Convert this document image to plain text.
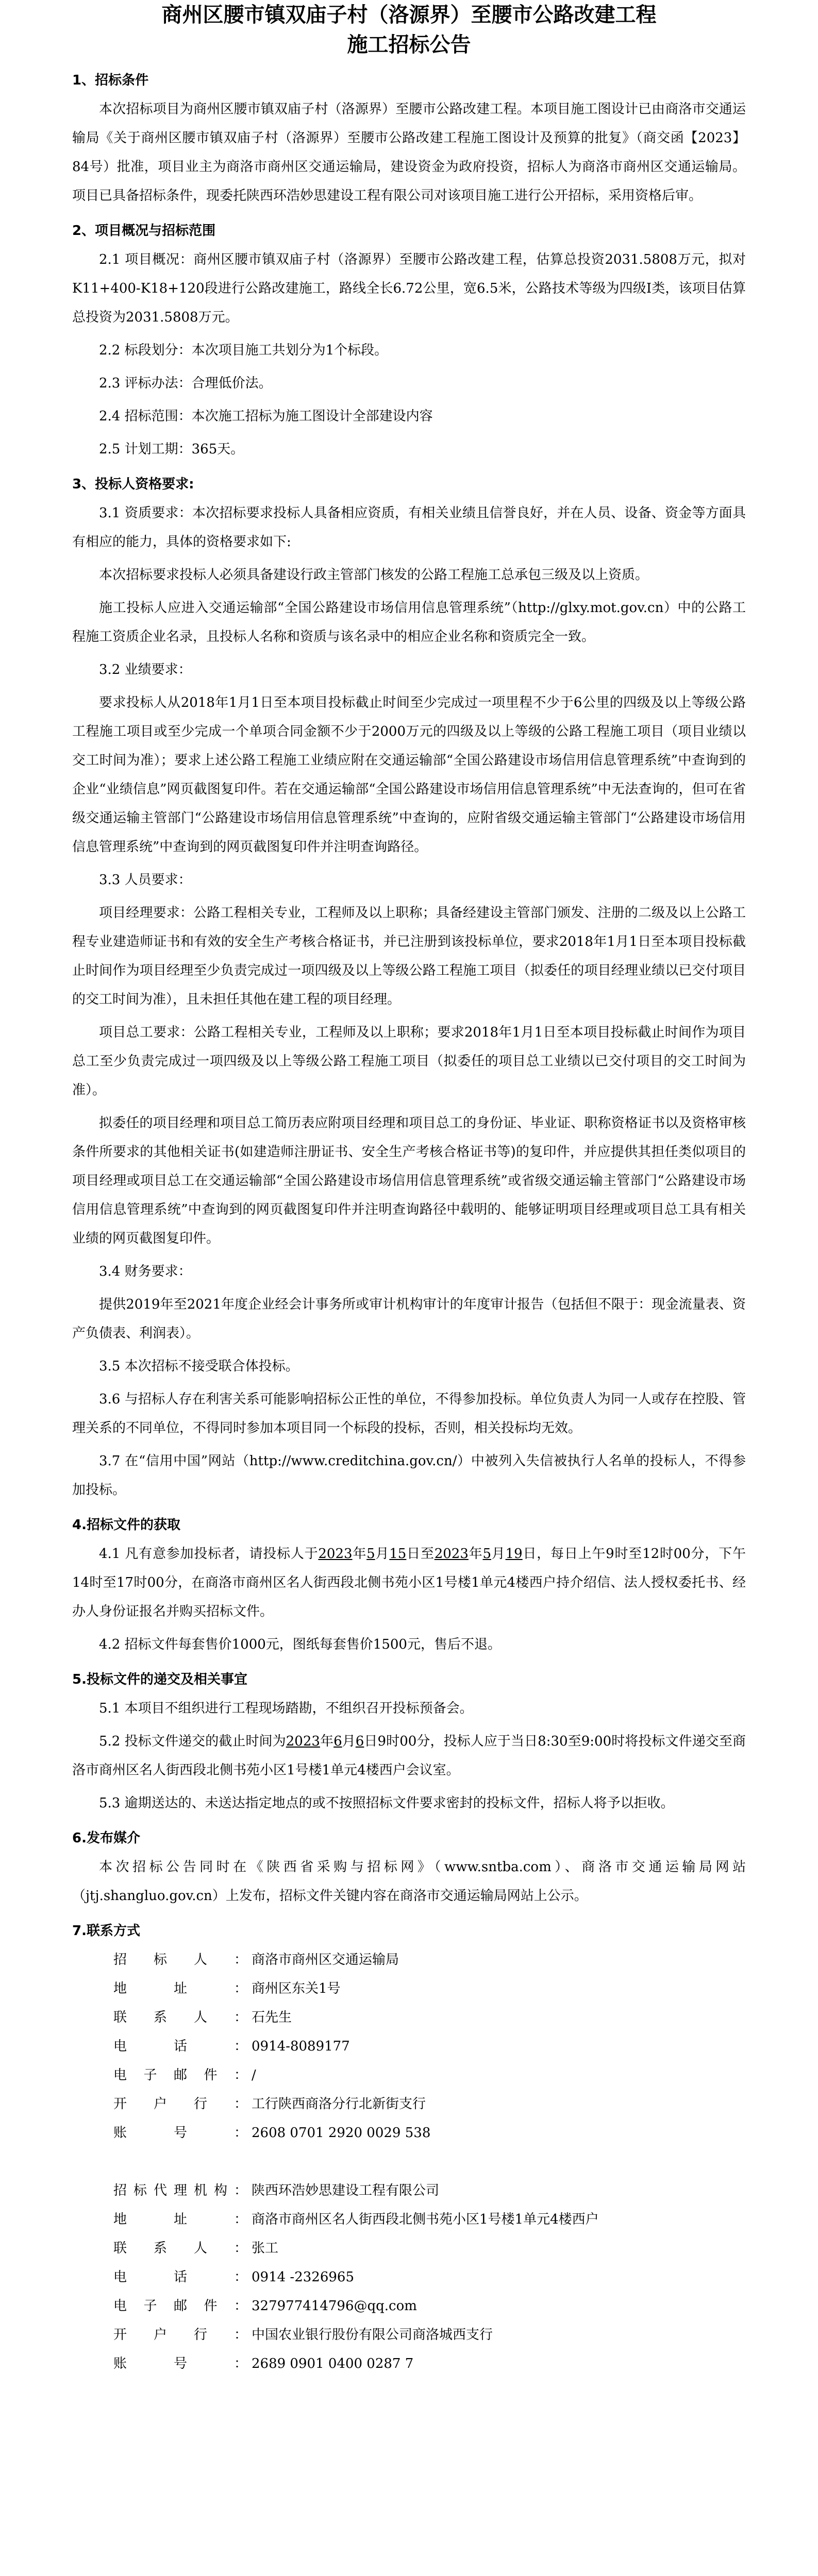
商州区腰市镇双庙子村（洛源界）至腰市公路改建工程
施工招标公告
1、招标条件

本次招标项目为商州区腰市镇双庙子村（洛源界）至腰市公路改建工程。本项目施工图设计已由商洛市交通运输局《关于商州区腰市镇双庙子村（洛源界）至腰市公路改建工程施工图设计及预算的批复》（商交函【2023】84号）批准，项目业主为商洛市商州区交通运输局，建设资金为政府投资，招标人为商洛市商州区交通运输局。项目已具备招标条件，现委托陕西环浩妙思建设工程有限公司对该项目施工进行公开招标，采用资格后审。

2、项目概况与招标范围

2.1 项目概况：商州区腰市镇双庙子村（洛源界）至腰市公路改建工程，估算总投资2031.5808万元，拟对K11+400-K18+120段进行公路改建施工，路线全长6.72公里，宽6.5米，公路技术等级为四级Ⅰ类，该项目估算总投资为2031.5808万元。

2.2 标段划分：本次项目施工共划分为1个标段。

2.3 评标办法：合理低价法。

2.4 招标范围：本次施工招标为施工图设计全部建设内容

2.5 计划工期：365天。

3、投标人资格要求:

3.1 资质要求：本次招标要求投标人具备相应资质，有相关业绩且信誉良好，并在人员、设备、资金等方面具有相应的能力，具体的资格要求如下:

本次招标要求投标人必须具备建设行政主管部门核发的公路工程施工总承包三级及以上资质。

施工投标人应进入交通运输部“全国公路建设市场信用信息管理系统”（http://glxy.mot.gov.cn）中的公路工程施工资质企业名录，且投标人名称和资质与该名录中的相应企业名称和资质完全一致。

3.2 业绩要求：

要求投标人从2018年1月1日至本项目投标截止时间至少完成过一项里程不少于6公里的四级及以上等级公路工程施工项目或至少完成一个单项合同金额不少于2000万元的四级及以上等级的公路工程施工项目（项目业绩以交工时间为准）；要求上述公路工程施工业绩应附在交通运输部“全国公路建设市场信用信息管理系统”中查询到的企业“业绩信息”网页截图复印件。若在交通运输部“全国公路建设市场信用信息管理系统”中无法查询的，但可在省级交通运输主管部门“公路建设市场信用信息管理系统”中查询的，应附省级交通运输主管部门“公路建设市场信用信息管理系统”中查询到的网页截图复印件并注明查询路径。

3.3 人员要求：

项目经理要求：公路工程相关专业，工程师及以上职称；具备经建设主管部门颁发、注册的二级及以上公路工程专业建造师证书和有效的安全生产考核合格证书，并已注册到该投标单位，要求2018年1月1日至本项目投标截止时间作为项目经理至少负责完成过一项四级及以上等级公路工程施工项目（拟委任的项目经理业绩以已交付项目的交工时间为准），且未担任其他在建工程的项目经理。

项目总工要求：公路工程相关专业，工程师及以上职称；要求2018年1月1日至本项目投标截止时间作为项目总工至少负责完成过一项四级及以上等级公路工程施工项目（拟委任的项目总工业绩以已交付项目的交工时间为准）。

拟委任的项目经理和项目总工简历表应附项目经理和项目总工的身份证、毕业证、职称资格证书以及资格审核条件所要求的其他相关证书(如建造师注册证书、安全生产考核合格证书等)的复印件，并应提供其担任类似项目的项目经理或项目总工在交通运输部“全国公路建设市场信用信息管理系统”或省级交通运输主管部门“公路建设市场信用信息管理系统”中查询到的网页截图复印件并注明查询路径中载明的、能够证明项目经理或项目总工具有相关业绩的网页截图复印件。

3.4 财务要求：

提供2019年至2021年度企业经会计事务所或审计机构审计的年度审计报告（包括但不限于：现金流量表、资产负债表、利润表）。

3.5 本次招标不接受联合体投标。

3.6 与招标人存在利害关系可能影响招标公正性的单位，不得参加投标。单位负责人为同一人或存在控股、管理关系的不同单位，不得同时参加本项目同一个标段的投标，否则，相关投标均无效。

3.7 在“信用中国”网站（http://www.creditchina.gov.cn/）中被列入失信被执行人名单的投标人，不得参加投标。

4.招标文件的获取

4.1 凡有意参加投标者，请投标人于2023年5月15日至2023年5月19日，每日上午9时至12时00分，下午14时至17时00分，在商洛市商州区名人街西段北侧书苑小区1号楼1单元4楼西户持介绍信、法人授权委托书、经办人身份证报名并购买招标文件。

4.2 招标文件每套售价1000元，图纸每套售价1500元，售后不退。

5.投标文件的递交及相关事宜

5.1 本项目不组织进行工程现场踏勘，不组织召开投标预备会。

5.2 投标文件递交的截止时间为2023年6月6日9时00分，投标人应于当日8:30至9:00时将投标文件递交至商洛市商州区名人街西段北侧书苑小区1号楼1单元4楼西户会议室。

5.3 逾期送达的、未送达指定地点的或不按照招标文件要求密封的投标文件，招标人将予以拒收。

6.发布媒介

本次招标公告同时在《陕西省采购与招标网》（www.sntba.com）、商洛市交通运输局网站（jtj.shangluo.gov.cn）上发布，招标文件关键内容在商洛市交通运输局网站上公示。

7.联系方式
招标人： 商洛市商州区交通运输局
地址： 商州区东关1号
联系人： 石先生
电话： 0914-8089177
电子邮件： /
开户行： 工行陕西商洛分行北新街支行
账号： 2608 0701 2920 0029 538
招标代理机构： 陕西环浩妙思建设工程有限公司
地址： 商洛市商州区名人街西段北侧书苑小区1号楼1单元4楼西户
联系人： 张工
电话： 0914 -2326965
电子邮件： 327977414796@qq.com
开户行： 中国农业银行股份有限公司商洛城西支行
账号： 2689 0901 0400 0287 7
